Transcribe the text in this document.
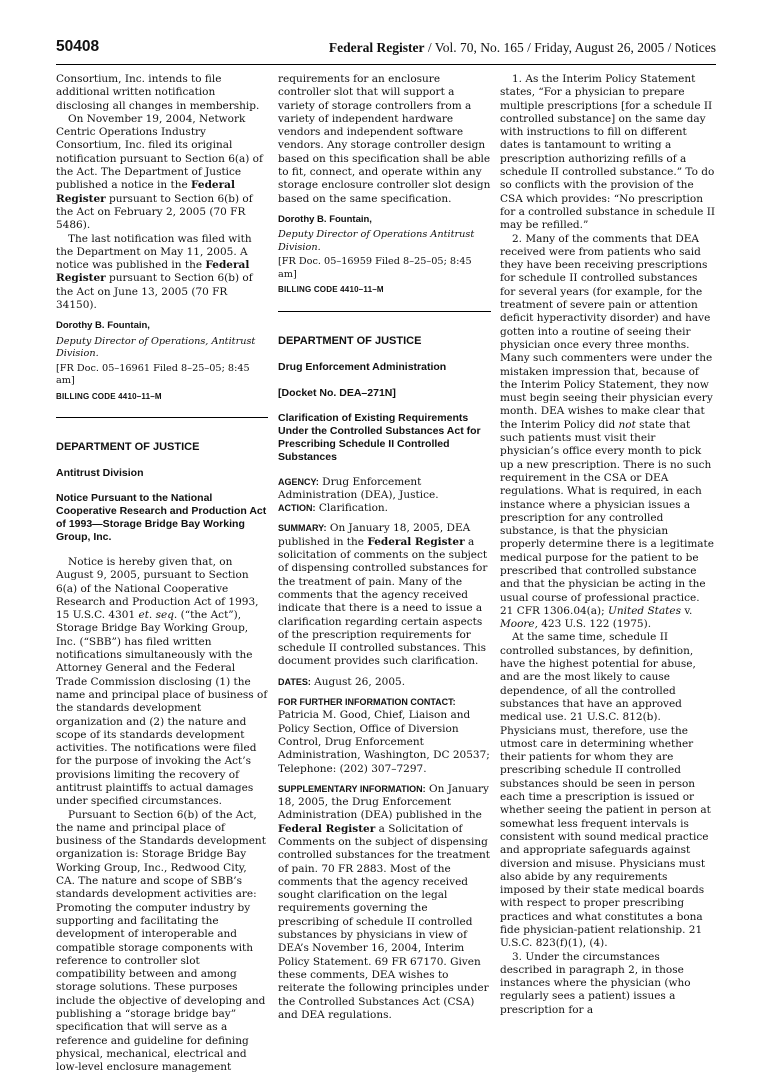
50408	Federal Register / Vol. 70, No. 165 / Friday, August 26, 2005 / Notices

Consortium, Inc. intends to file additional written notification disclosing all changes in membership.

On November 19, 2004, Network Centric Operations Industry Consortium, Inc. filed its original notification pursuant to Section 6(a) of the Act. The Department of Justice published a notice in the Federal Register pursuant to Section 6(b) of the Act on February 2, 2005 (70 FR 5486).

The last notification was filed with the Department on May 11, 2005. A notice was published in the Federal Register pursuant to Section 6(b) of the Act on June 13, 2005 (70 FR 34150).

Dorothy B. Fountain,

Deputy Director of Operations, Antitrust Division.

[FR Doc. 05–16961 Filed 8–25–05; 8:45 am]

BILLING CODE 4410–11–M

DEPARTMENT OF JUSTICE

Antitrust Division

Notice Pursuant to the National Cooperative Research and Production Act of 1993—Storage Bridge Bay Working Group, Inc.

Notice is hereby given that, on August 9, 2005, pursuant to Section 6(a) of the National Cooperative Research and Production Act of 1993, 15 U.S.C. 4301 et. seq. (“the Act”), Storage Bridge Bay Working Group, Inc. (“SBB”) has filed written notifications simultaneously with the Attorney General and the Federal Trade Commission disclosing (1) the name and principal place of business of the standards development organization and (2) the nature and scope of its standards development activities. The notifications were filed for the purpose of invoking the Act’s provisions limiting the recovery of antitrust plaintiffs to actual damages under specified circumstances.

Pursuant to Section 6(b) of the Act, the name and principal place of business of the Standards development organization is: Storage Bridge Bay Working Group, Inc., Redwood City, CA. The nature and scope of SBB’s standards development activities are: Promoting the computer industry by supporting and facilitating the development of interoperable and compatible storage components with reference to controller slot compatibility between and among storage solutions. These purposes include the objective of developing and publishing a “storage bridge bay” specification that will serve as a reference and guideline for defining physical, mechanical, electrical and low-level enclosure management

requirements for an enclosure controller slot that will support a variety of storage controllers from a variety of independent hardware vendors and independent software vendors. Any storage controller design based on this specification shall be able to fit, connect, and operate within any storage enclosure controller slot design based on the same specification.

Dorothy B. Fountain,

Deputy Director of Operations Antitrust Division.

[FR Doc. 05–16959 Filed 8–25–05; 8:45 am]

BILLING CODE 4410–11–M

DEPARTMENT OF JUSTICE

Drug Enforcement Administration

[Docket No. DEA–271N]

Clarification of Existing Requirements Under the Controlled Substances Act for Prescribing Schedule II Controlled Substances

AGENCY: Drug Enforcement Administration (DEA), Justice.

ACTION: Clarification.

SUMMARY: On January 18, 2005, DEA published in the Federal Register a solicitation of comments on the subject of dispensing controlled substances for the treatment of pain. Many of the comments that the agency received indicate that there is a need to issue a clarification regarding certain aspects of the prescription requirements for schedule II controlled substances. This document provides such clarification.

DATES: August 26, 2005.

FOR FURTHER INFORMATION CONTACT:

Patricia M. Good, Chief, Liaison and Policy Section, Office of Diversion Control, Drug Enforcement Administration, Washington, DC 20537; Telephone: (202) 307–7297.

SUPPLEMENTARY INFORMATION: On January 18, 2005, the Drug Enforcement Administration (DEA) published in the Federal Register a Solicitation of Comments on the subject of dispensing controlled substances for the treatment of pain. 70 FR 2883. Most of the comments that the agency received sought clarification on the legal requirements governing the prescribing of schedule II controlled substances by physicians in view of DEA’s November 16, 2004, Interim Policy Statement. 69 FR 67170. Given these comments, DEA wishes to reiterate the following principles under the Controlled Substances Act (CSA) and DEA regulations.

1. As the Interim Policy Statement states, “For a physician to prepare multiple prescriptions [for a schedule II controlled substance] on the same day with instructions to fill on different dates is tantamount to writing a prescription authorizing refills of a schedule II controlled substance.” To do so conflicts with the provision of the CSA which provides: “No prescription for a controlled substance in schedule II may be refilled.”

2. Many of the comments that DEA received were from patients who said they have been receiving prescriptions for schedule II controlled substances for several years (for example, for the treatment of severe pain or attention deficit hyperactivity disorder) and have gotten into a routine of seeing their physician once every three months. Many such commenters were under the mistaken impression that, because of the Interim Policy Statement, they now must begin seeing their physician every month. DEA wishes to make clear that the Interim Policy did not state that such patients must visit their physician’s office every month to pick up a new prescription. There is no such requirement in the CSA or DEA regulations. What is required, in each instance where a physician issues a prescription for any controlled substance, is that the physician properly determine there is a legitimate medical purpose for the patient to be prescribed that controlled substance and that the physician be acting in the usual course of professional practice. 21 CFR 1306.04(a); United States v. Moore, 423 U.S. 122 (1975).

At the same time, schedule II controlled substances, by definition, have the highest potential for abuse, and are the most likely to cause dependence, of all the controlled substances that have an approved medical use. 21 U.S.C. 812(b). Physicians must, therefore, use the utmost care in determining whether their patients for whom they are prescribing schedule II controlled substances should be seen in person each time a prescription is issued or whether seeing the patient in person at somewhat less frequent intervals is consistent with sound medical practice and appropriate safeguards against diversion and misuse. Physicians must also abide by any requirements imposed by their state medical boards with respect to proper prescribing practices and what constitutes a bona fide physician-patient relationship. 21 U.S.C. 823(f)(1), (4).

3. Under the circumstances described in paragraph 2, in those instances where the physician (who regularly sees a patient) issues a prescription for a
